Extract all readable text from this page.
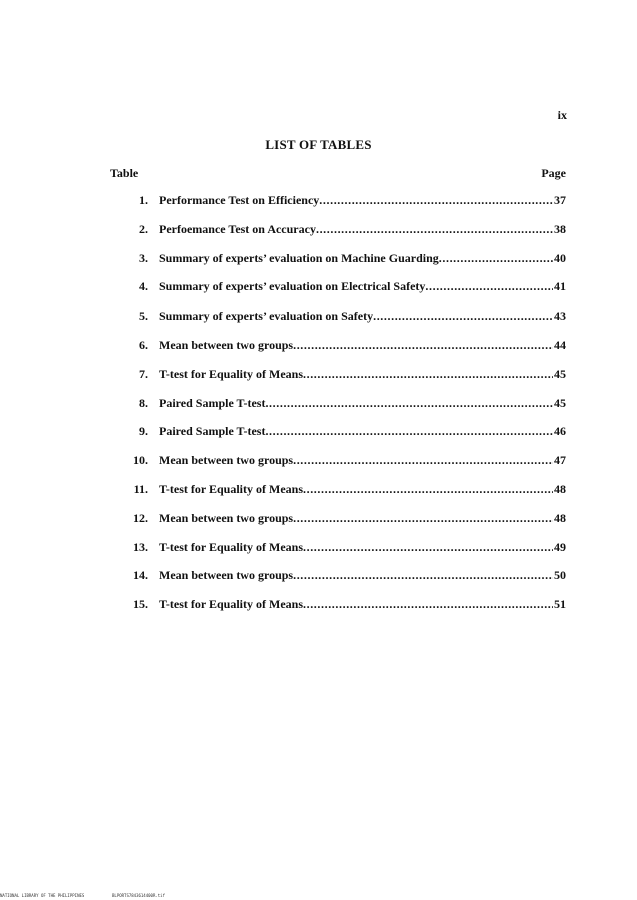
ix
LIST OF TABLES
Table	Page
1. Performance Test on Efficiency .....	37
2. Perfoemance Test on Accuracy .....	38
3. Summary of experts’ evaluation on Machine Guarding .....	40
4. Summary of experts’ evaluation on Electrical Safety .....	41
5. Summary of experts’ evaluation on Safety .....	43
6. Mean between two groups .....	44
7. T-test for Equality of Means .....	45
8. Paired Sample T-test .....	45
9. Paired Sample T-test .....	46
10. Mean between two groups .....	47
11. T-test for Equality of Means .....	48
12. Mean between two groups .....	48
13. T-test for Equality of Means .....	49
14. Mean between two groups .....	50
15. T-test for Equality of Means .....	51
NATIONAL LIBRARY OF THE PHILIPPINES	BLPORTS7843614400R.tif
